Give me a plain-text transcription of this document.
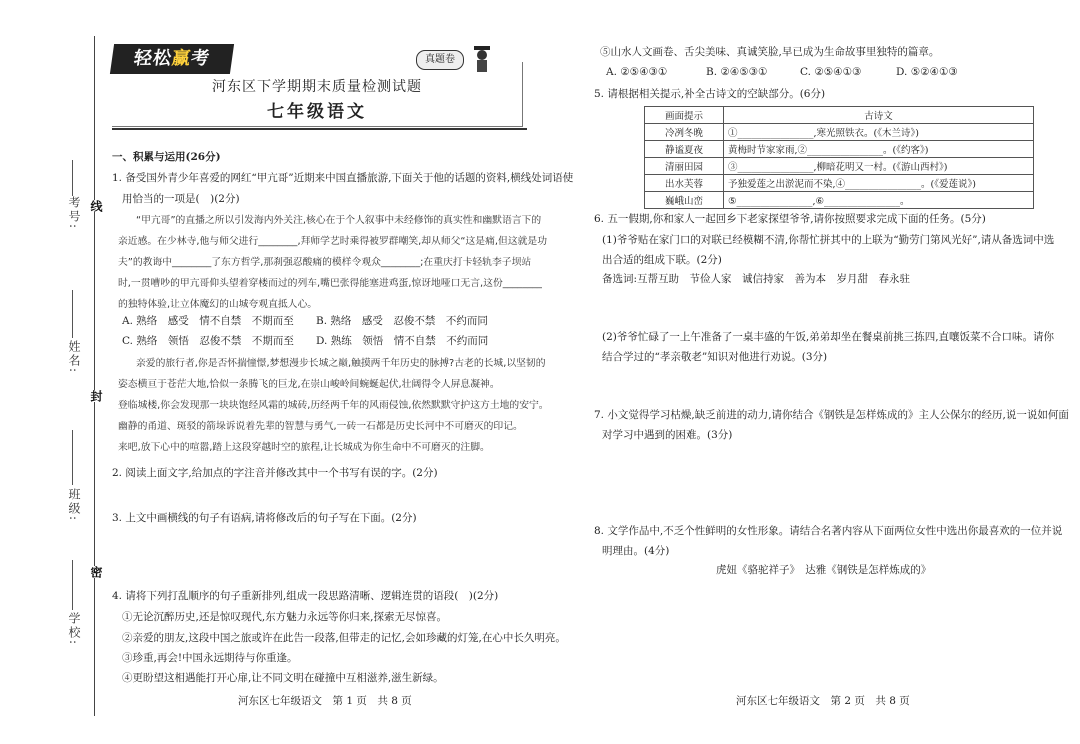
考号:
姓名:
班级:
学校:
线
封
密
轻松赢考	真题卷
河东区下学期期末质量检测试题
七年级语文
一、积累与运用(26分)
1. 备受国外青少年喜爱的网红“甲亢哥”近期来中国直播旅游,下面关于他的话题的资料,横线处词语使
用恰当的一项是(　)(2分)
“甲亢哥”的直播之所以引发海内外关注,核心在于个人叙事中未经修饰的真实性和幽默语言下的
亲近感。在少林寺,他与师父进行________,拜师学艺时乘得被罗群嘲笑,却从师父“这是痛,但这就是功
夫”的教诲中________了东方哲学,那刹强忍酸痛的模样令观众________;在重庆打卡轻轨李子坝站
时,一贯嘈吵的甲亢哥仰头望着穿楼而过的列车,嘴巴张得能塞进鸡蛋,惊讶地哑口无言,这份________
的独特体验,让立体魔幻的山城夸观直抵人心。
A. 熟络　感受　情不自禁　不期而至 B. 熟络　感受　忍俊不禁　不约而同
C. 熟络　领悟　忍俊不禁　不期而至 D. 熟练　领悟　情不自禁　不约而同
亲爱的旅行者,你是否怀揣憧憬,梦想漫步长城之巅,触摸两千年历史的脉搏?古老的长城,以坚韧的
姿态横亘于苍茫大地,恰似一条腾飞的巨龙,在崇山峻岭间蜿蜒起伏,壮阔得令人屏息凝神。
登临城楼,你会发现那一块块饱经风霜的城砖,历经两千年的风雨侵蚀,依然默默守护这方土地的安宁。
幽静的甬道、斑驳的箭垛诉说着先辈的智慧与勇气,一砖一石都是历史长河中不可磨灭的印记。
来吧,放下心中的喧嚣,踏上这段穿越时空的旅程,让长城成为你生命中不可磨灭的注脚。
2. 阅读上面文字,给加点的字注音并修改其中一个书写有误的字。(2分)
3. 上文中画横线的句子有语病,请将修改后的句子写在下面。(2分)
4. 请将下列打乱顺序的句子重新排列,组成一段思路清晰、逻辑连贯的语段(　)(2分)
①无论沉醉历史,还是惊叹现代,东方魅力永远等你归来,探索无尽惊喜。
②亲爱的朋友,这段中国之旅或许在此告一段落,但带走的记忆,会如珍藏的灯笼,在心中长久明亮。
③珍重,再会!中国永远期待与你重逢。
④更盼望这相遇能打开心扉,让不同文明在碰撞中互相滋养,滋生新绿。
河东区七年级语文　第 1 页　共 8 页
⑤山水人文画卷、舌尖美味、真诚笑脸,早已成为生命故事里独特的篇章。
A. ②⑤④③①	B. ②④⑤③①	C. ②⑤④①③	D. ⑤②④①③
5. 请根据相关提示,补全古诗文的空缺部分。(6分)
画面提示	古诗文
冷冽冬晚	①________________,寒光照铁衣。(《木兰诗》)
静谧夏夜	黄梅时节家家雨,②________________。(《约客》)
清丽田园	③________________,柳暗花明又一村。(《游山西村》)
出水芙蓉	予独爱莲之出淤泥而不染,④________________。(《爱莲说》)
巍峨山峦	⑤________________,⑥________________。
6. 五一假期,你和家人一起回乡下老家探望爷爷,请你按照要求完成下面的任务。(5分)
(1)爷爷贴在家门口的对联已经模糊不清,你帮忙拼其中的上联为“勤劳门第风光好”,请从备选词中选
出合适的组成下联。(2分)
备选词:互帮互助　节俭人家　诚信持家　善为本　岁月甜　春永驻
(2)爷爷忙碌了一上午准备了一桌丰盛的午饭,弟弟却坐在餐桌前挑三拣四,直嚷饭菜不合口味。请你
结合学过的“孝亲敬老”知识对他进行劝说。(3分)
7. 小文觉得学习枯燥,缺乏前进的动力,请你结合《钢铁是怎样炼成的》主人公保尔的经历,说一说如何面
对学习中遇到的困难。(3分)
8. 文学作品中,不乏个性鲜明的女性形象。请结合名著内容从下面两位女性中选出你最喜欢的一位并说
明理由。(4分)
虎妞《骆驼祥子》　达雅《钢铁是怎样炼成的》
河东区七年级语文　第 2 页　共 8 页
